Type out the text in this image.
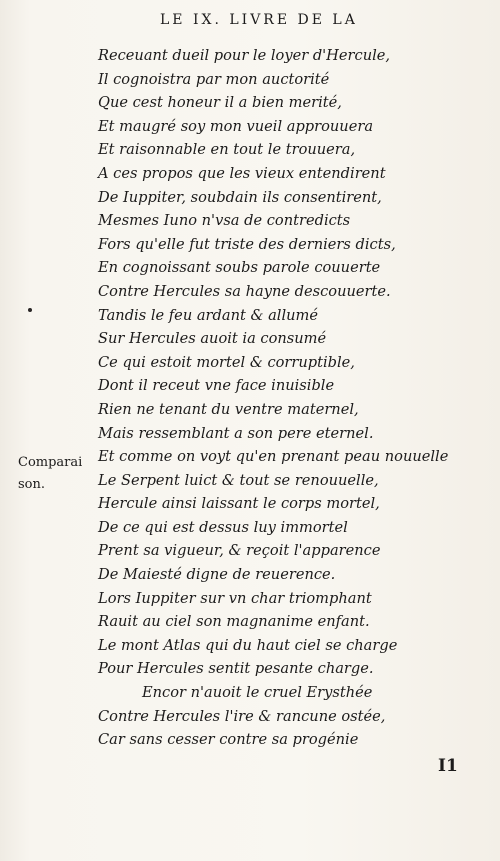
LE IX. LIVRE DE LA
Receuant dueil pour le loyer d'Hercule,
Il cognoistra par mon auctorité
Que cest honeur il a bien merité,
Et maugré soy mon vueil approuuera
Et raisonnable en tout le trouuera,
A ces propos que les vieux entendirent
De Iuppiter, soubdain ils consentirent,
Mesmes Iuno n'vsa de contredicts
Fors qu'elle fut triste des derniers dicts,
En cognoissant soubs parole couuerte
Contre Hercules sa hayne descouuerte.
Tandis le feu ardant & allumé
Sur Hercules auoit ia consumé
Ce qui estoit mortel & corruptible,
Dont il receut vne face inuisible
Rien ne tenant du ventre maternel,
Mais ressemblant a son pere eternel.
Et comme on voyt qu'en prenant peau nouuelle
Le Serpent luict & tout se renouuelle,
Hercule ainsi laissant le corps mortel,
De ce qui est dessus luy immortel
Prent sa vigueur, & reçoit l'apparence
De Maiesté digne de reuerence.
Lors Iuppiter sur vn char triomphant
Rauit au ciel son magnanime enfant.
Le mont Atlas qui du haut ciel se charge
Pour Hercules sentit pesante charge.
Encor n'auoit le cruel Erysthée
Contre Hercules l'ire & rancune ostée,
Car sans cesser contre sa progénie
Comparai
son.
I1
